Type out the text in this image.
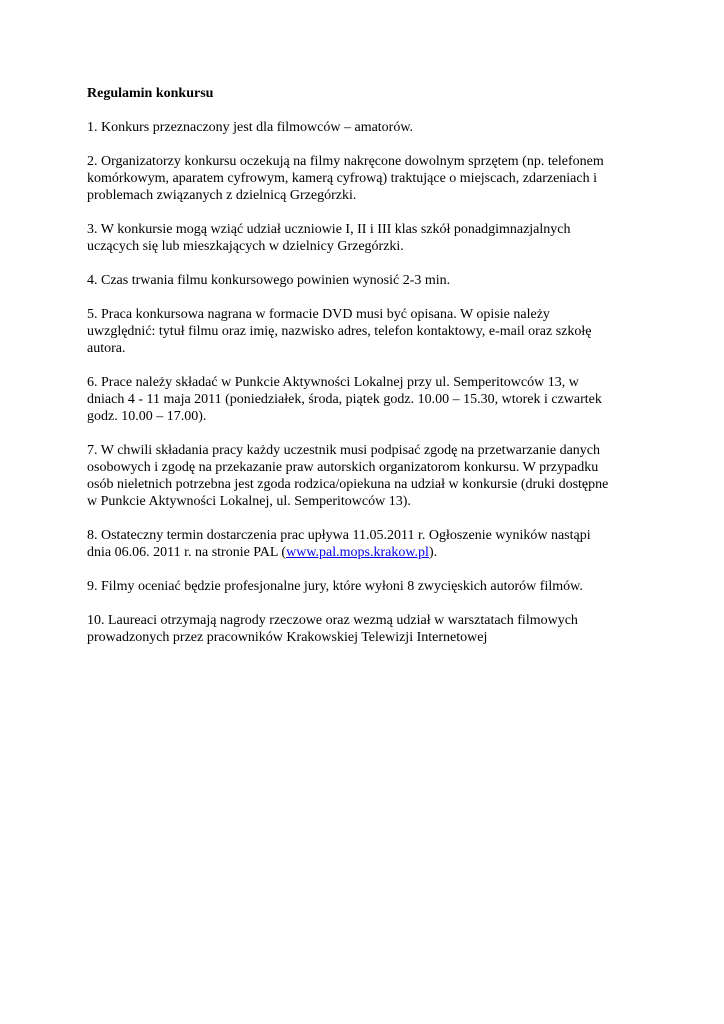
Regulamin konkursu
1. Konkurs przeznaczony jest dla filmowców – amatorów.
2. Organizatorzy konkursu oczekują na filmy nakręcone dowolnym sprzętem (np. telefonem
komórkowym, aparatem cyfrowym, kamerą cyfrową) traktujące o miejscach, zdarzeniach i
problemach związanych z dzielnicą Grzegórzki.
3. W konkursie mogą wziąć udział uczniowie I, II i III klas szkół ponadgimnazjalnych
uczących się lub mieszkających w dzielnicy Grzegórzki.
4. Czas trwania filmu konkursowego powinien wynosić 2-3 min.
5. Praca konkursowa nagrana w formacie DVD musi być opisana. W opisie należy
uwzględnić: tytuł filmu oraz imię, nazwisko adres, telefon kontaktowy, e-mail oraz szkołę
autora.
6. Prace należy składać w Punkcie Aktywności Lokalnej przy ul. Semperitowców 13, w
dniach 4 - 11 maja 2011 (poniedziałek, środa, piątek godz. 10.00 – 15.30, wtorek i czwartek
godz. 10.00 – 17.00).
7. W chwili składania pracy każdy uczestnik musi podpisać zgodę na przetwarzanie danych
osobowych i zgodę na przekazanie praw autorskich organizatorom konkursu. W przypadku
osób nieletnich potrzebna jest zgoda rodzica/opiekuna na udział w konkursie (druki dostępne
w Punkcie Aktywności Lokalnej, ul. Semperitowców 13).
8. Ostateczny termin dostarczenia prac upływa 11.05.2011 r. Ogłoszenie wyników nastąpi
dnia 06.06. 2011 r. na stronie PAL (www.pal.mops.krakow.pl).
9. Filmy oceniać będzie profesjonalne jury, które wyłoni 8 zwycięskich autorów filmów.
10. Laureaci otrzymają nagrody rzeczowe oraz wezmą udział w warsztatach filmowych
prowadzonych przez pracowników Krakowskiej Telewizji Internetowej
